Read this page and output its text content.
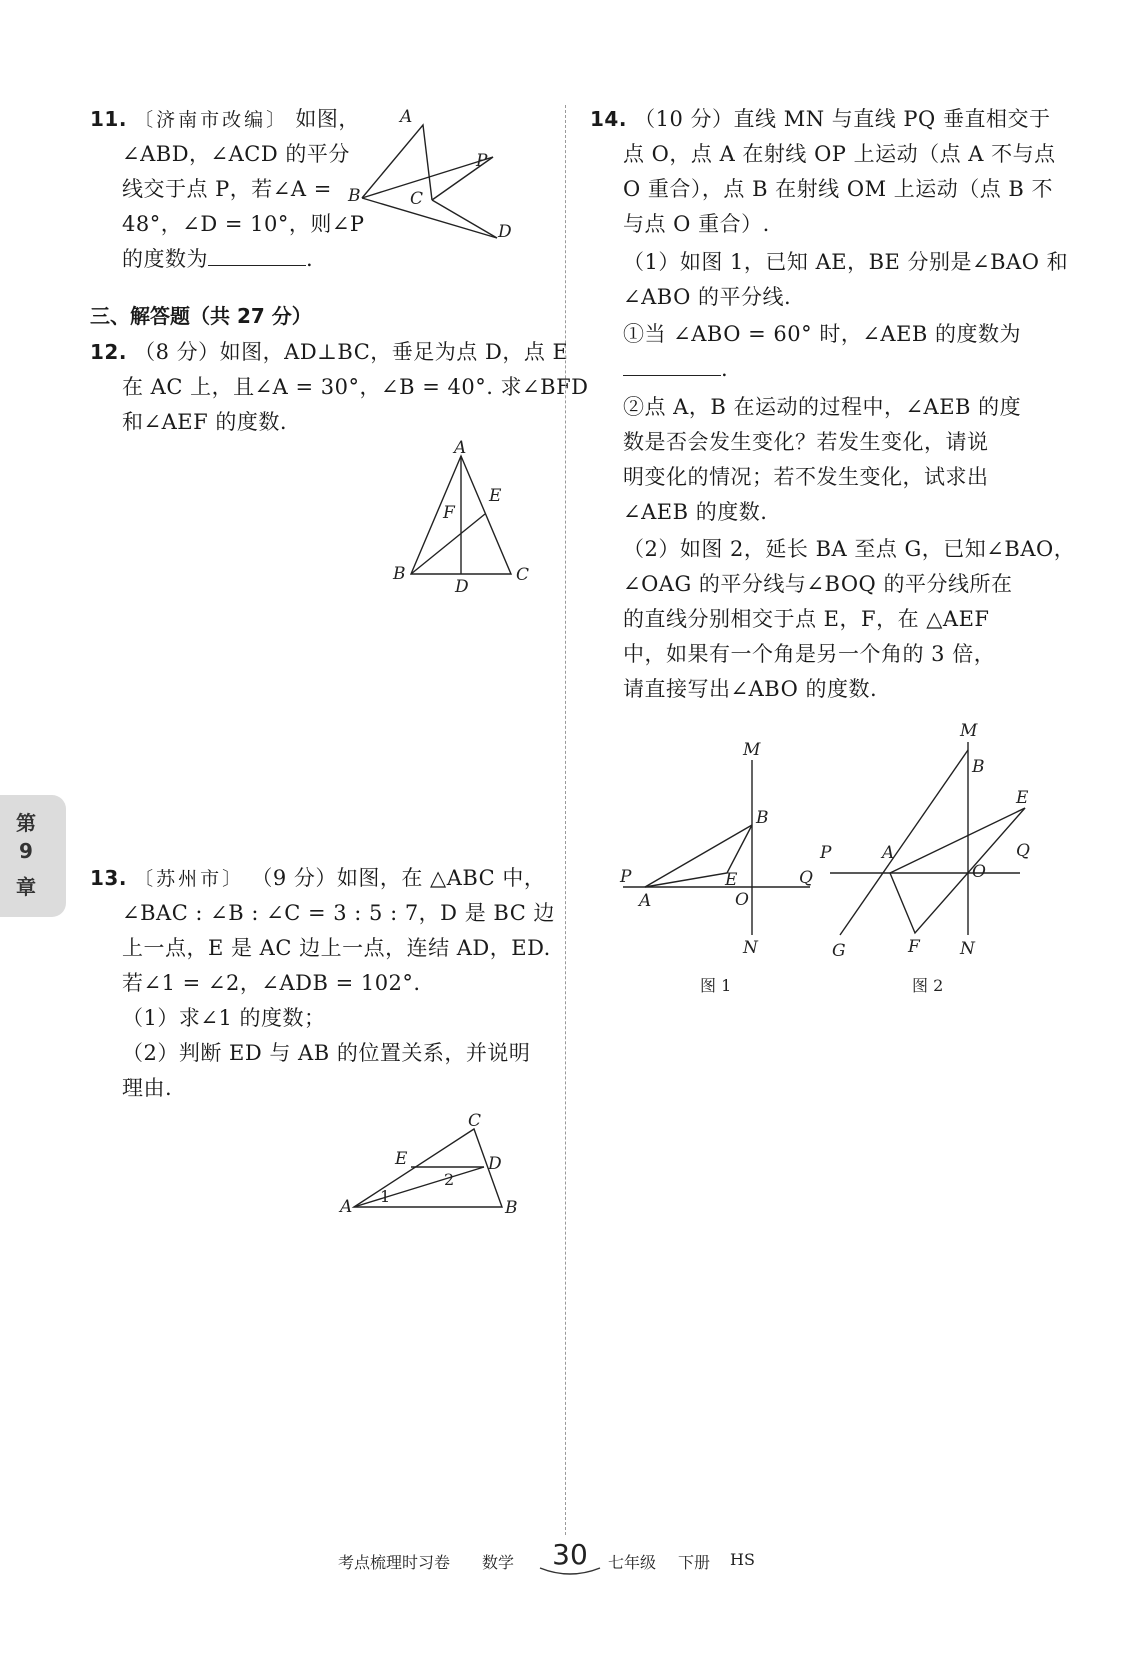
11. 〔济南市改编〕 如图，
∠ABD，∠ACD 的平分
线交于点 P，若∠A =
48°，∠D = 10°，则∠P
的度数为	.
A
B	C
P
D
三、解答题（共 27 分）
12. （8 分）如图，AD⊥BC，垂足为点 D，点 E
在 AC 上，且∠A = 30°，∠B = 40°. 求∠BFD
和∠AEF 的度数.
A
E
F
B
D
C
第
9
章	13. 〔苏州市〕 （9 分）如图，在 △ABC 中，
∠BAC : ∠B : ∠C = 3 : 5 : 7，D 是 BC 边
上一点，E 是 AC 边上一点，连结 AD，ED.
若∠1 = ∠2，∠ADB = 102°.
（1）求∠1 的度数；
（2）判断 ED 与 AB 的位置关系，并说明
理由.
C
E	D
2
1
A	B
14. （10 分）直线 MN 与直线 PQ 垂直相交于
点 O，点 A 在射线 OP 上运动（点 A 不与点
O 重合），点 B 在射线 OM 上运动（点 B 不
与点 O 重合）.
（1）如图 1，已知 AE，BE 分别是∠BAO 和
∠ABO 的平分线.
①当 ∠ABO = 60° 时，∠AEB 的度数为
.
②点 A，B 在运动的过程中，∠AEB 的度
数是否会发生变化？若发生变化，请说
明变化的情况；若不发生变化，试求出
∠AEB 的度数.
（2）如图 2，延长 BA 至点 G，已知∠BAO，
∠OAG 的平分线与∠BOQ 的平分线所在
的直线分别相交于点 E，F，在 △AEF
中，如果有一个角是另一个角的 3 倍，
请直接写出∠ABO 的度数.
M
B
P	E	Q
A	O
N
图 1
M
B
E
P	A	Q
O
G	F N
图 2
考点梳理时习卷 数学 30	七年级 下册 HS
